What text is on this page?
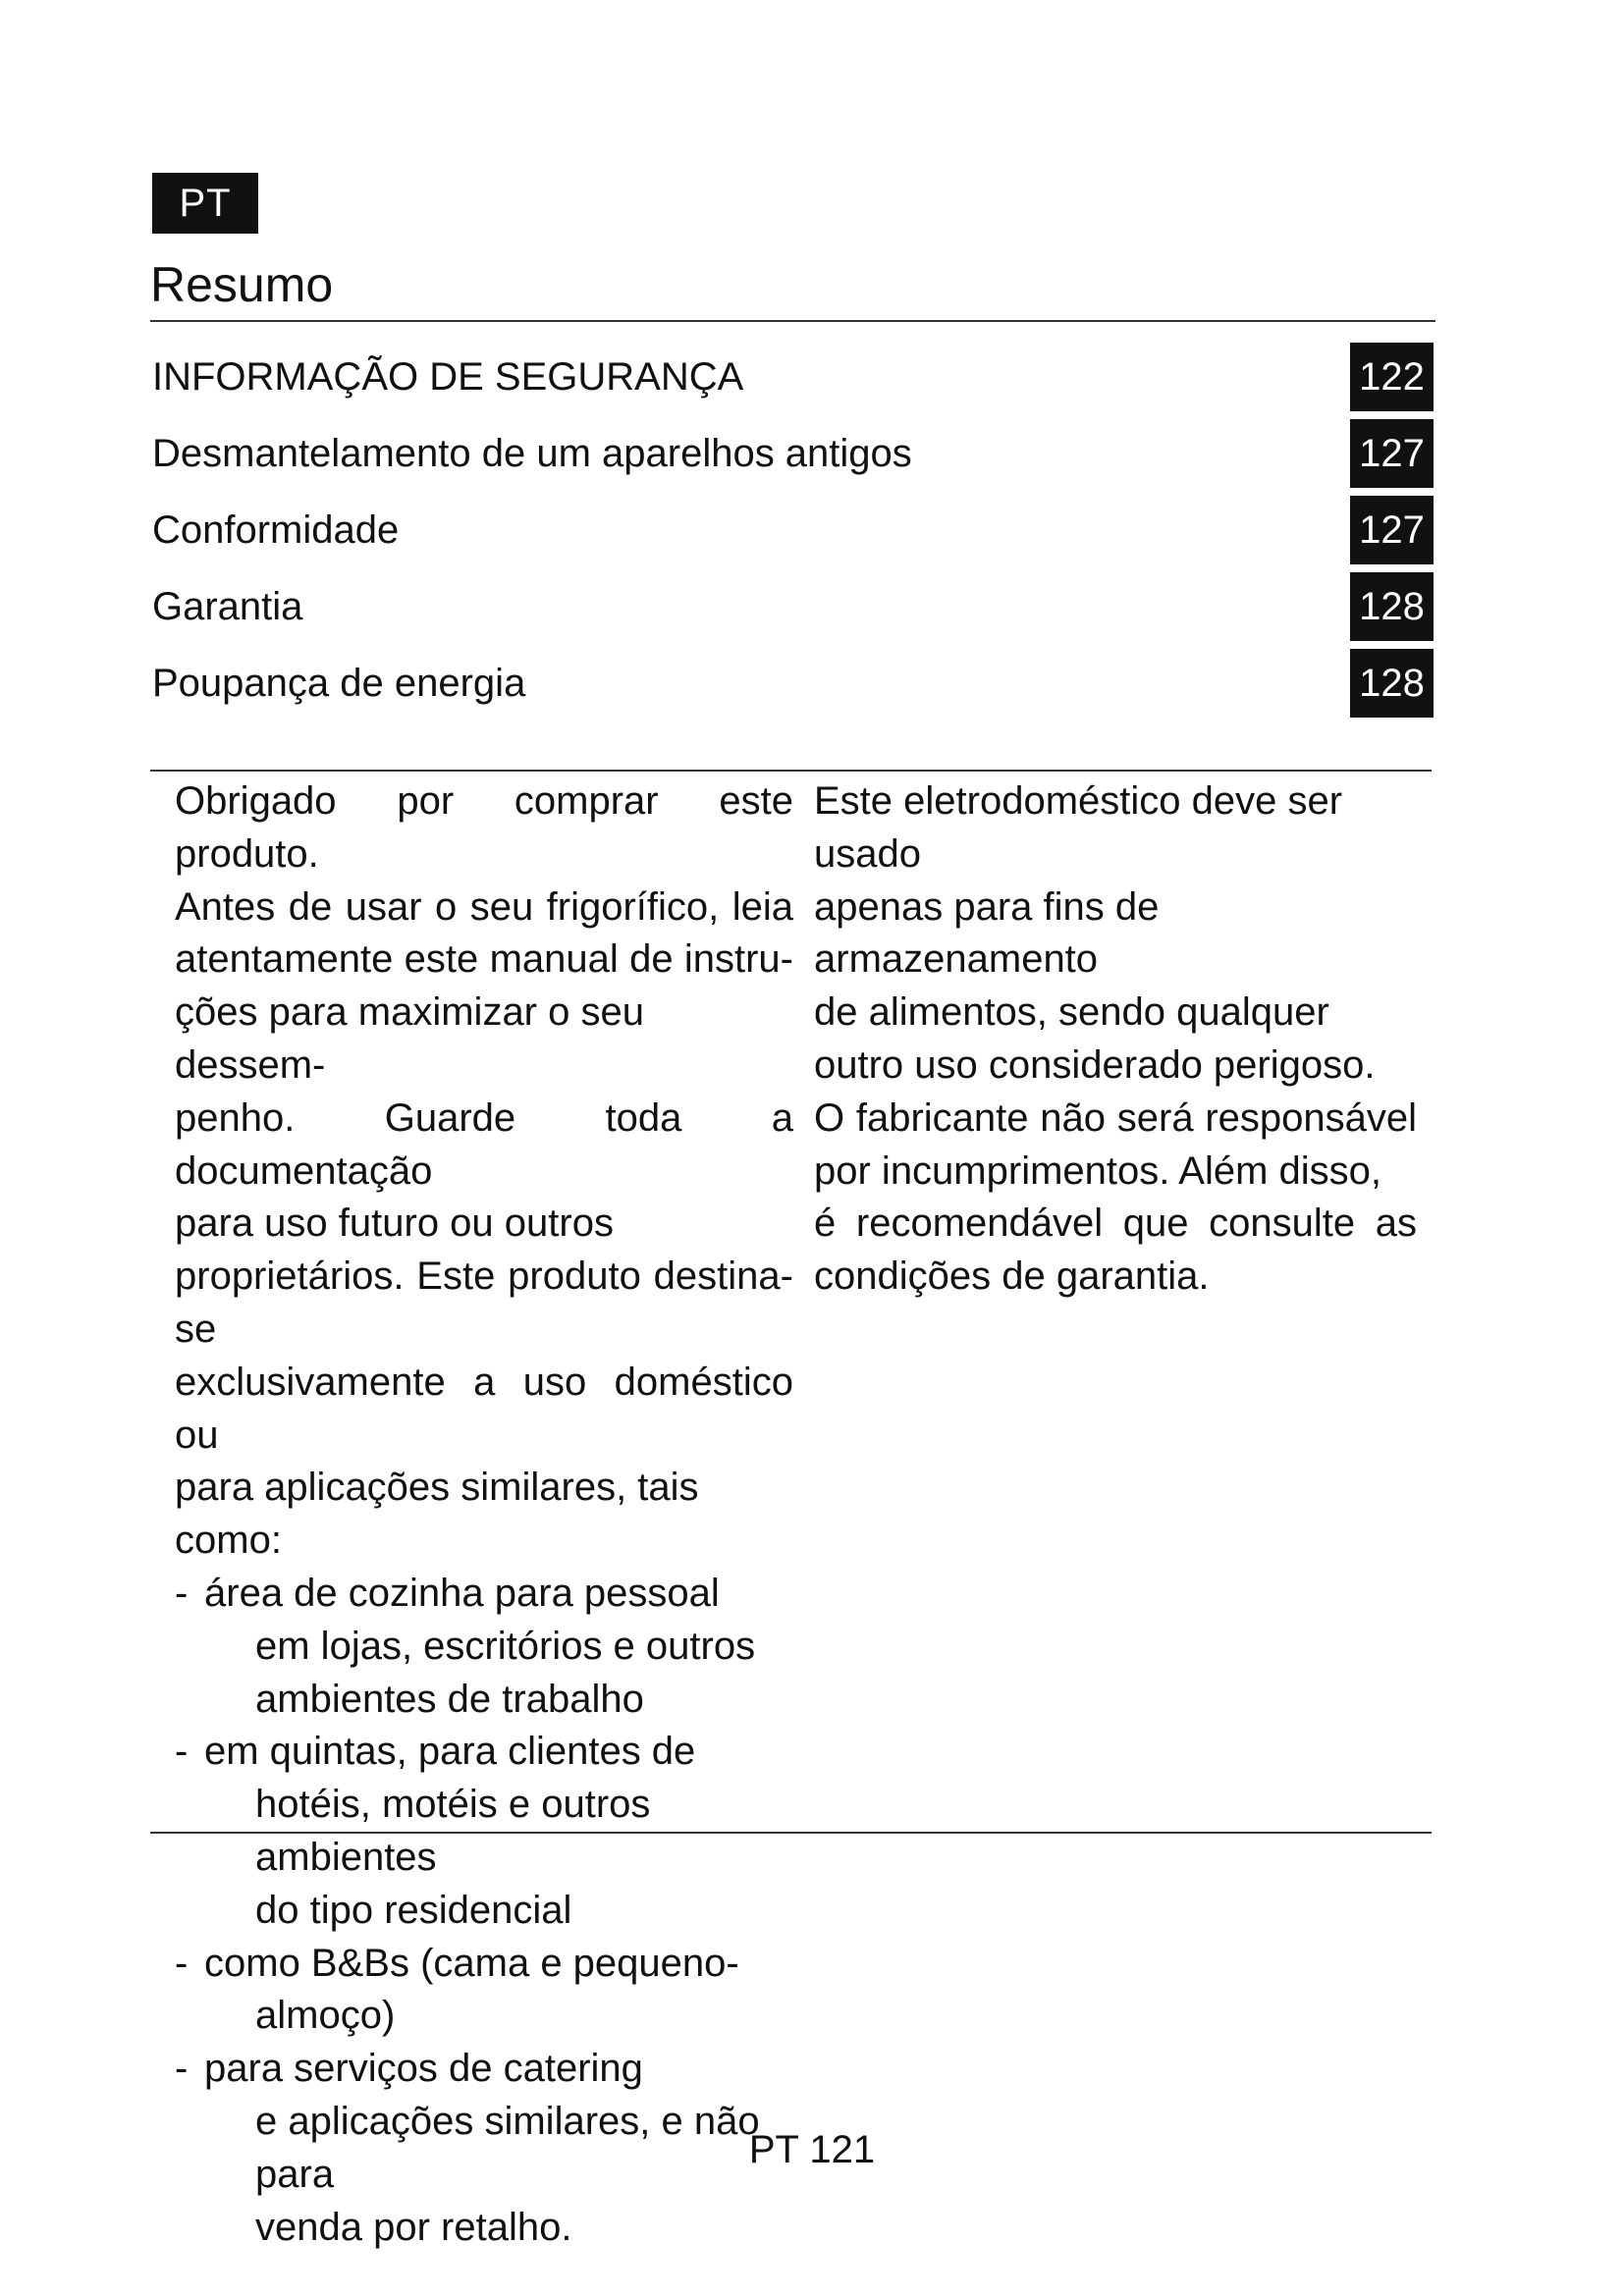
PT
Resumo
INFORMAÇÃO DE SEGURANÇA	122
Desmantelamento de um aparelhos antigos	127
Conformidade	127
Garantia	128
Poupança de energia	128

Obrigado por comprar este produto.

Antes de usar o seu frigorífico, leia

atentamente este manual de instru-

ções para maximizar o seu dessem-

penho. Guarde toda a documentação

para uso futuro ou outros

proprietários. Este produto destina-se

exclusivamente a uso doméstico ou

para aplicações similares, tais como:

- área de cozinha para pessoal
em lojas, escritórios e outros
ambientes de trabalho
- em quintas, para clientes de
hotéis, motéis e outros ambientes
do tipo residencial
- como B&Bs (cama e pequeno-
almoço)
- para serviços de catering
e aplicações similares, e não para
venda por retalho.

Este eletrodoméstico deve ser usado

apenas para fins de armazenamento

de alimentos, sendo qualquer

outro uso considerado perigoso.

O fabricante não será responsável

por incumprimentos. Além disso,

é recomendável que consulte as

condições de garantia.

PT 121
